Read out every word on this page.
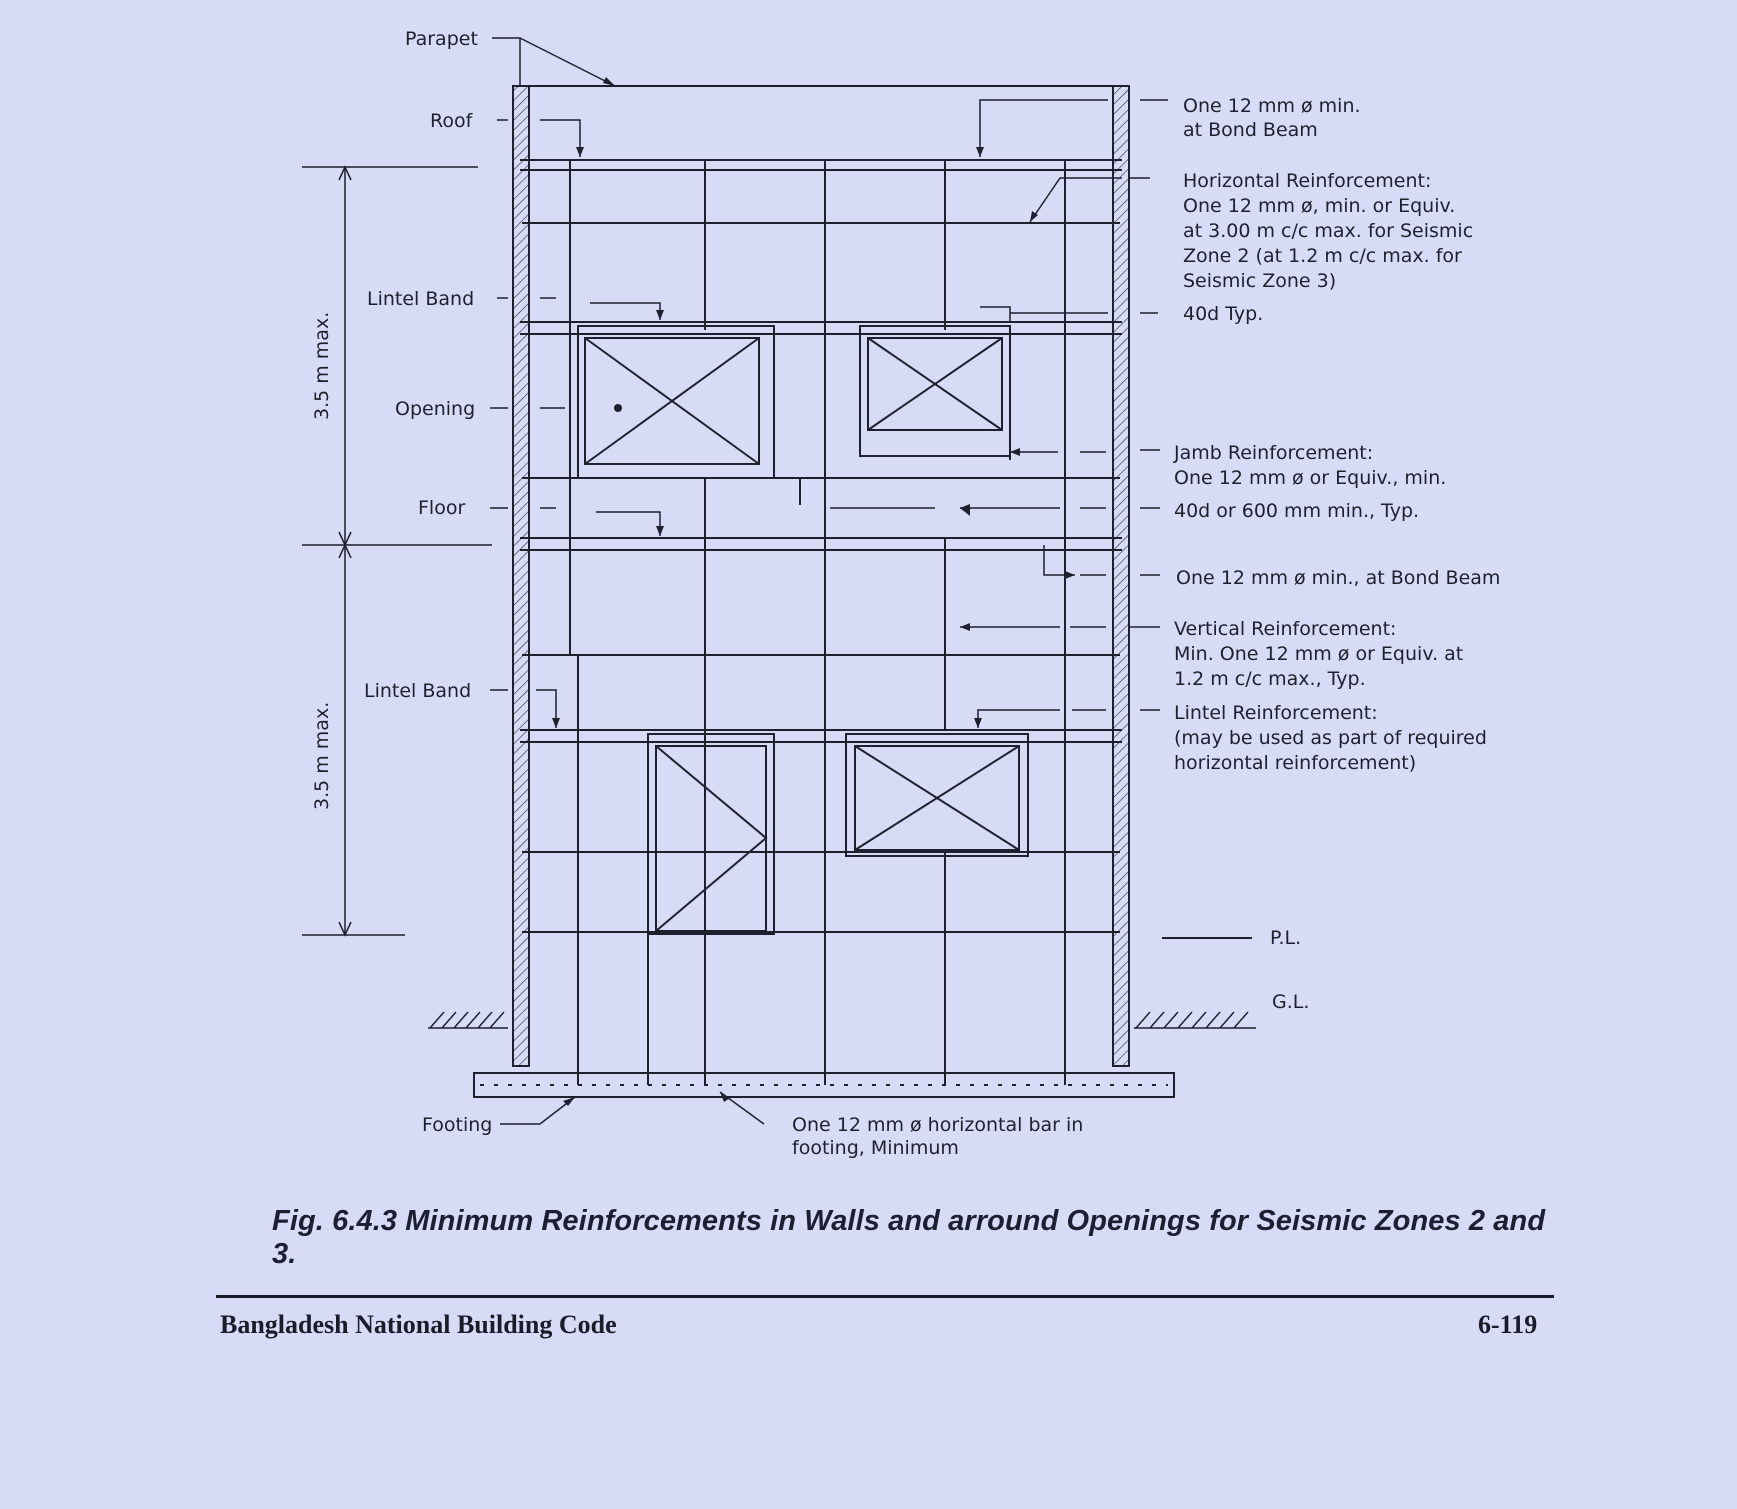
Parapet
Roof
Lintel Band
Opening
Floor
Lintel Band
Footing
3.5 m max.
3.5 m max.
One 12 mm ø min. at Bond Beam
Horizontal Reinforcement: One 12 mm ø, min. or Equiv. at 3.00 m c/c max. for Seismic Zone 2 (at 1.2 m c/c max. for Seismic Zone 3)
40d Typ.
Jamb Reinforcement: One 12 mm ø or Equiv., min.
40d or 600 mm min., Typ.
One 12 mm ø min., at Bond Beam
Vertical Reinforcement: Min. One 12 mm ø or Equiv. at 1.2 m c/c max., Typ.
Lintel Reinforcement: (may be used as part of required horizontal reinforcement)
P.L.
G.L.
One 12 mm ø horizontal bar in footing, Minimum
Fig. 6.4.3 Minimum Reinforcements in Walls and arround Openings for Seismic Zones 2 and 3.
Bangladesh National Building Code	6-119
